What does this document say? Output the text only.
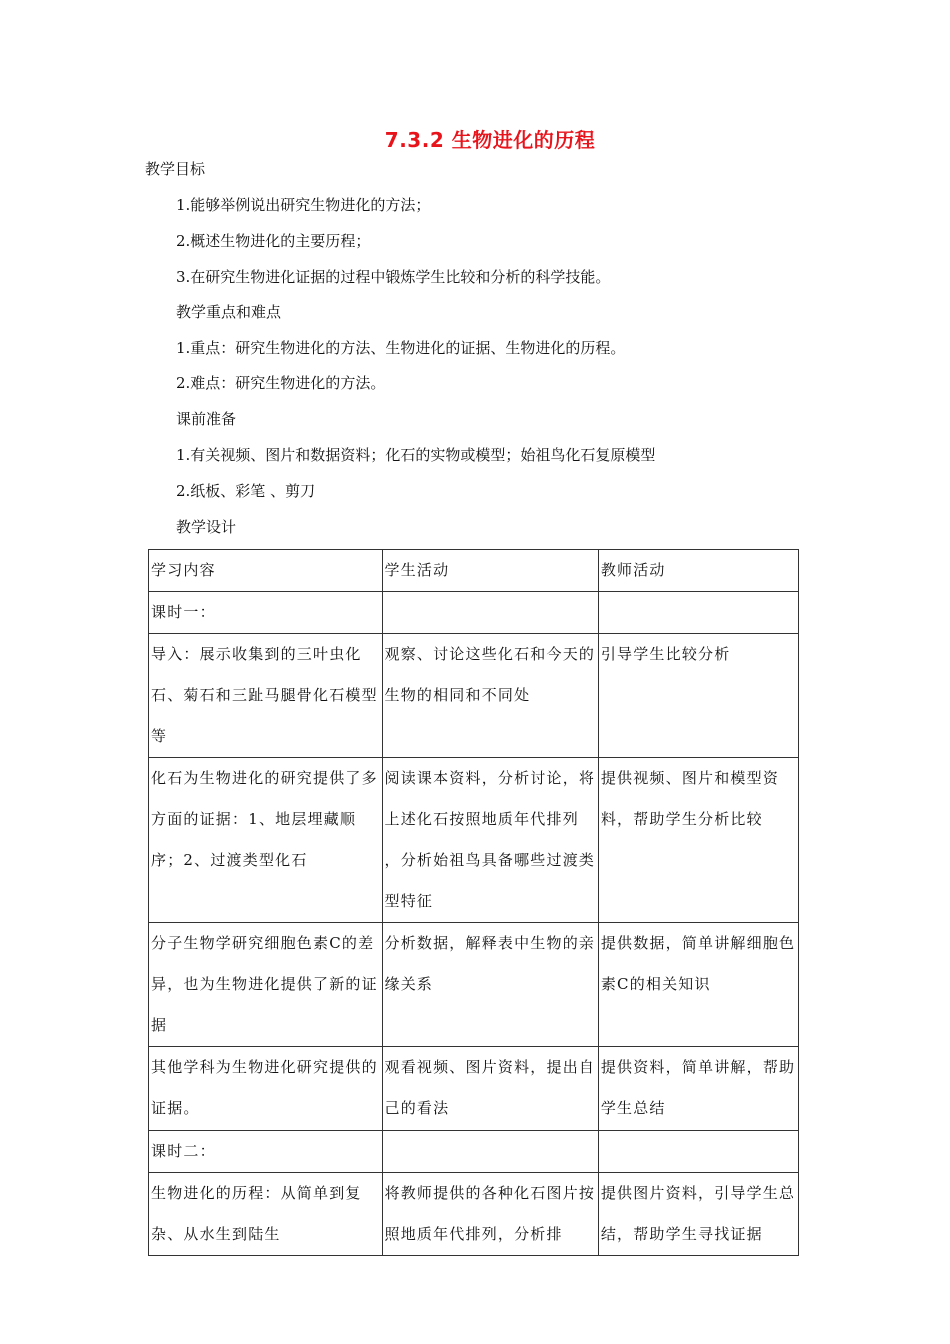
7.3.2 生物进化的历程
教学目标
1.能够举例说出研究生物进化的方法；
2.概述生物进化的主要历程；
3.在研究生物进化证据的过程中锻炼学生比较和分析的科学技能。
教学重点和难点
1.重点：研究生物进化的方法、生物进化的证据、生物进化的历程。
2.难点：研究生物进化的方法。
课前准备
1.有关视频、图片和数据资料；化石的实物或模型；始祖鸟化石复原模型
2.纸板、彩笔 、剪刀
教学设计
学习内容	学生活动	教师活动
课时一：		
导入：展示收集到的三叶虫化石、菊石和三趾马腿骨化石模型等	观察、讨论这些化石和今天的生物的相同和不同处	引导学生比较分析
化石为生物进化的研究提供了多方面的证据：1、地层埋藏顺序；2、过渡类型化石	阅读课本资料，分析讨论，将上述化石按照地质年代排列 ，分析始祖鸟具备哪些过渡类型特征	提供视频、图片和模型资料，帮助学生分析比较
分子生物学研究细胞色素C的差异，也为生物进化提供了新的证据	分析数据，解释表中生物的亲缘关系	提供数据，简单讲解细胞色素C的相关知识
其他学科为生物进化研究提供的证据。	观看视频、图片资料，提出自己的看法	提供资料，简单讲解，帮助学生总结
课时二：		
生物进化的历程：从简单到复杂、从水生到陆生	将教师提供的各种化石图片按照地质年代排列，分析排	提供图片资料，引导学生总结，帮助学生寻找证据
